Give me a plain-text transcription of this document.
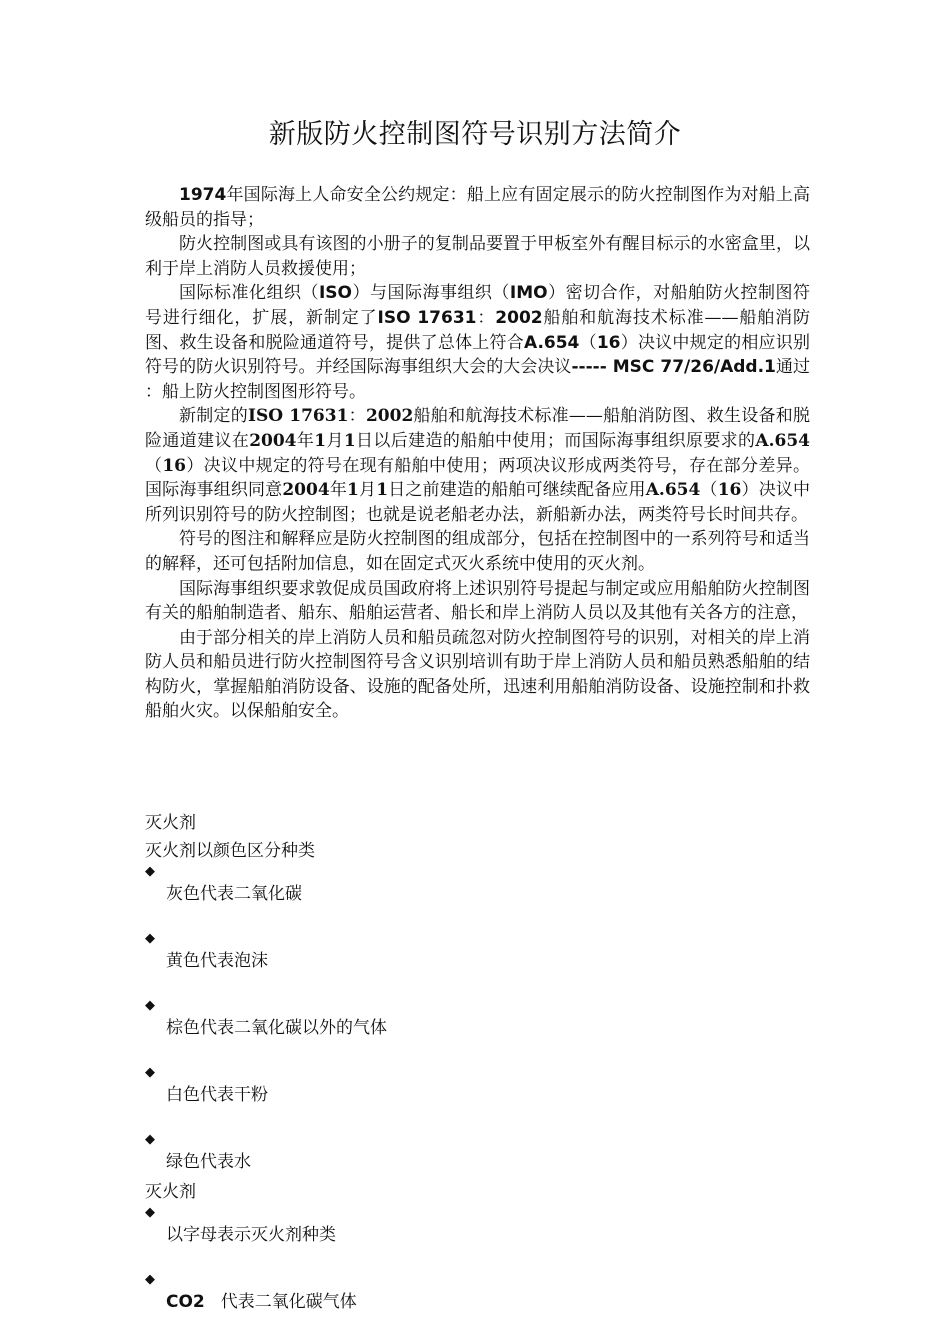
新版防火控制图符号识别方法简介

1974年国际海上人命安全公约规定：船上应有固定展示的防火控制图作为对船上高级船员的指导；

防火控制图或具有该图的小册子的复制品要置于甲板室外有醒目标示的水密盒里，以利于岸上消防人员救援使用；

国际标准化组织（ISO）与国际海事组织（IMO）密切合作，对船舶防火控制图符号进行细化，扩展，新制定了ISO 17631：2002船舶和航海技术标准——船舶消防图、救生设备和脱险通道符号，提供了总体上符合A.654（16）决议中规定的相应识别符号的防火识别符号。并经国际海事组织大会的大会决议----- MSC 77/26/Add.1通过 ：船上防火控制图图形符号。

新制定的ISO 17631：2002船舶和航海技术标准——船舶消防图、救生设备和脱险通道建议在2004年1月1日以后建造的船舶中使用；而国际海事组织原要求的A.654（16）决议中规定的符号在现有船舶中使用；两项决议形成两类符号，存在部分差异。国际海事组织同意2004年1月1日之前建造的船舶可继续配备应用A.654（16）决议中所列识别符号的防火控制图；也就是说老船老办法，新船新办法，两类符号长时间共存。

符号的图注和解释应是防火控制图的组成部分，包括在控制图中的一系列符号和适当的解释，还可包括附加信息，如在固定式灭火系统中使用的灭火剂。

国际海事组织要求敦促成员国政府将上述识别符号提起与制定或应用船舶防火控制图有关的船舶制造者、船东、船舶运营者、船长和岸上消防人员以及其他有关各方的注意，

由于部分相关的岸上消防人员和船员疏忽对防火控制图符号的识别，对相关的岸上消防人员和船员进行防火控制图符号含义识别培训有助于岸上消防人员和船员熟悉船舶的结构防火，掌握船舶消防设备、设施的配备处所，迅速利用船舶消防设备、设施控制和扑救船舶火灾。以保船舶安全。

灭火剂

灭火剂以颜色区分种类

◆
灰色代表二氧化碳
◆
黄色代表泡沫
◆
棕色代表二氧化碳以外的气体
◆
白色代表干粉
◆
绿色代表水

灭火剂

◆
以字母表示灭火剂种类
◆
CO2 代表二氧化碳气体
